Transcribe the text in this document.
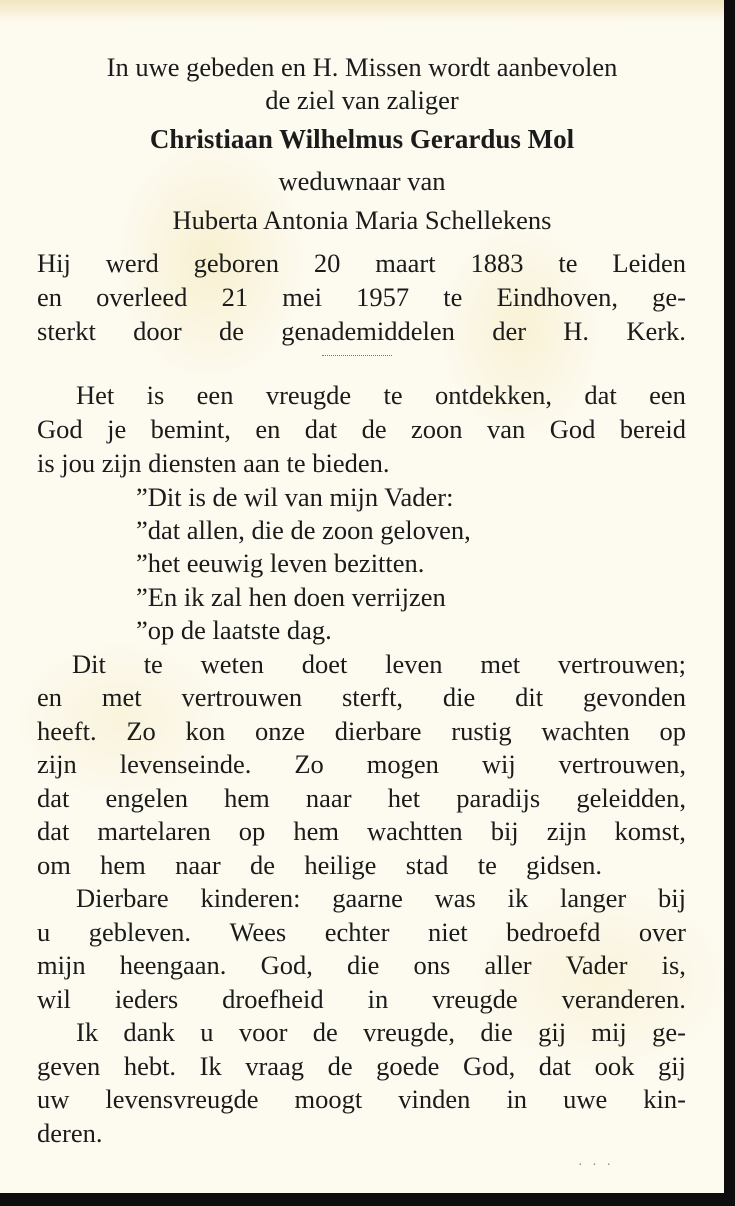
In uwe gebeden en H. Missen wordt aanbevolen
de ziel van zaliger
Christiaan Wilhelmus Gerardus Mol
weduwnaar van
Huberta Antonia Maria Schellekens
Hij werd geboren 20 maart 1883 te Leiden
en overleed 21 mei 1957 te Eindhoven, ge-
sterkt door de genademiddelen der H. Kerk.
Het is een vreugde te ontdekken, dat een
God je bemint, en dat de zoon van God bereid
is jou zijn diensten aan te bieden.
”Dit is de wil van mijn Vader:
”dat allen, die de zoon geloven,
”het eeuwig leven bezitten.
”En ik zal hen doen verrijzen
”op de laatste dag.
Dit te weten doet leven met vertrouwen;
en met vertrouwen sterft, die dit gevonden
heeft. Zo kon onze dierbare rustig wachten op
zijn levenseinde. Zo mogen wij vertrouwen,
dat engelen hem naar het paradijs geleidden,
dat martelaren op hem wachtten bij zijn komst,
om hem naar de heilige stad te gidsen.
Dierbare kinderen: gaarne was ik langer bij
u gebleven. Wees echter niet bedroefd over
mijn heengaan. God, die ons aller Vader is,
wil ieders droefheid in vreugde veranderen.
Ik dank u voor de vreugde, die gij mij ge-
geven hebt. Ik vraag de goede God, dat ook gij
uw levensvreugde moogt vinden in uwe kin-
deren.
· · ·
